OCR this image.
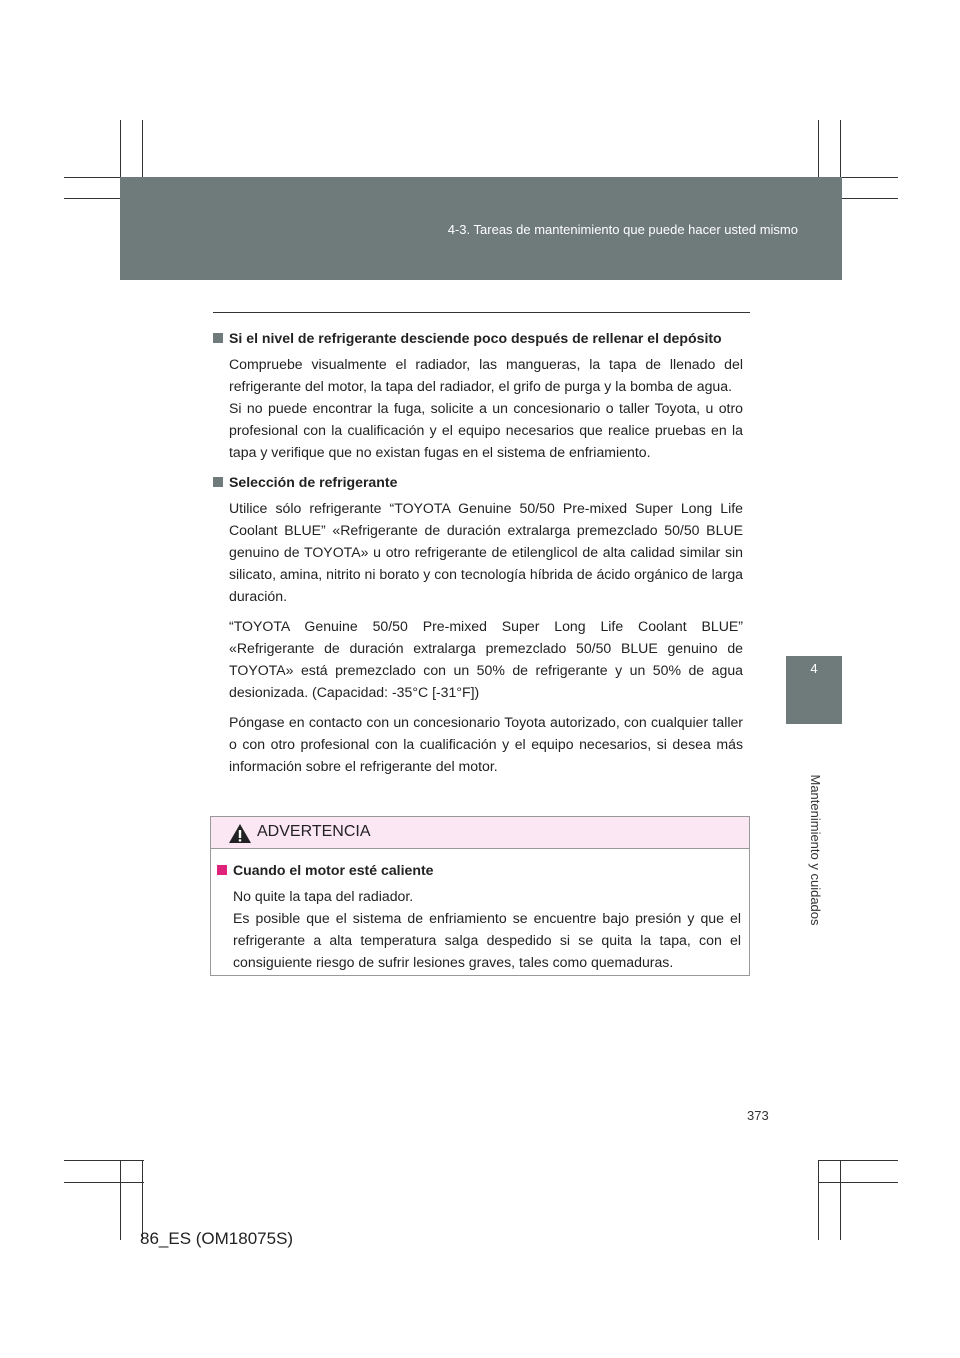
4-3. Tareas de mantenimiento que puede hacer usted mismo
4
Mantenimiento y cuidados
Si el nivel de refrigerante desciende poco después de rellenar el depósito

Compruebe visualmente el radiador, las mangueras, la tapa de llenado del refrigerante del motor, la tapa del radiador, el grifo de purga y la bomba de agua.
Si no puede encontrar la fuga, solicite a un concesionario o taller Toyota, u otro profesional con la cualificación y el equipo necesarios que realice pruebas en la tapa y verifique que no existan fugas en el sistema de enfriamiento.

Selección de refrigerante

Utilice sólo refrigerante “TOYOTA Genuine 50/50 Pre-mixed Super Long Life Coolant BLUE” «Refrigerante de duración extralarga premezclado 50/50 BLUE genuino de TOYOTA» u otro refrigerante de etilenglicol de alta calidad similar sin silicato, amina, nitrito ni borato y con tecnología híbrida de ácido orgánico de larga duración.

“TOYOTA Genuine 50/50 Pre-mixed Super Long Life Coolant BLUE” «Refrigerante de duración extralarga premezclado 50/50 BLUE genuino de TOYOTA» está premezclado con un 50% de refrigerante y un 50% de agua desionizada. (Capacidad: -35°C [-31°F])

Póngase en contacto con un concesionario Toyota autorizado, con cualquier taller o con otro profesional con la cualificación y el equipo necesarios, si desea más información sobre el refrigerante del motor.

ADVERTENCIA
Cuando el motor esté caliente

No quite la tapa del radiador.
Es posible que el sistema de enfriamiento se encuentre bajo presión y que el refrigerante a alta temperatura salga despedido si se quita la tapa, con el consiguiente riesgo de sufrir lesiones graves, tales como quemaduras.

373
86_ES (OM18075S)
